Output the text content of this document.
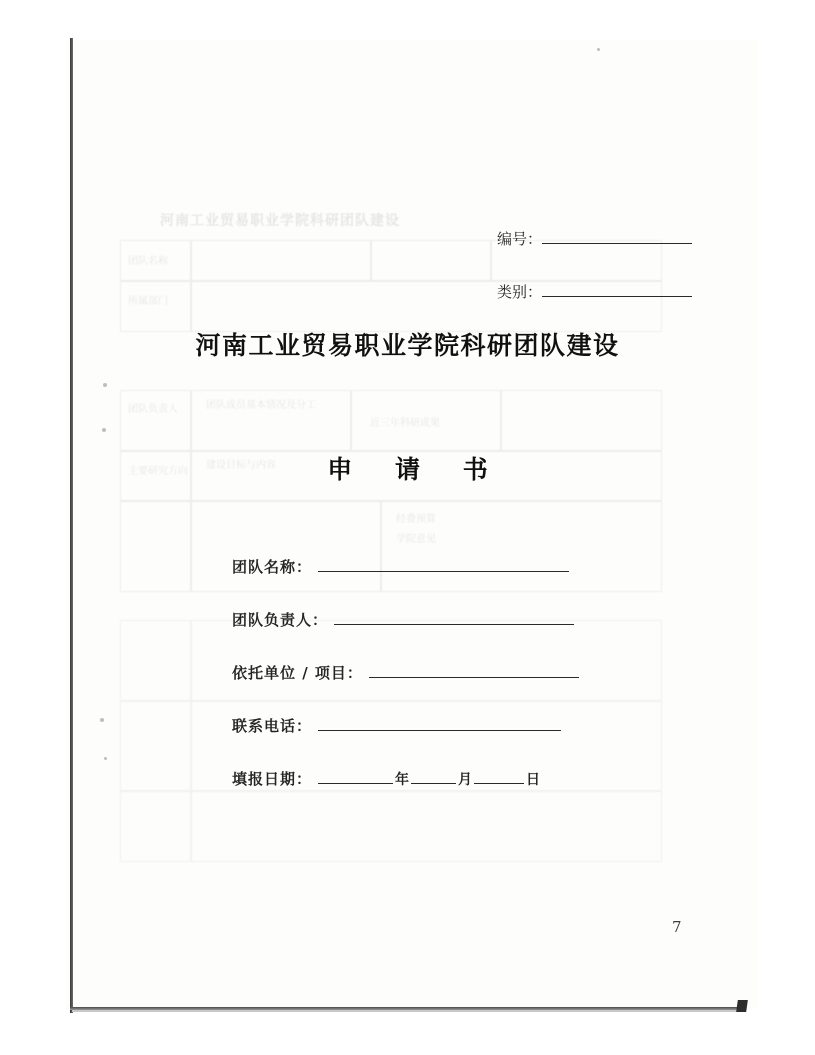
河南工业贸易职业学院科研团队建设
团队成员基本情况及分工
近三年科研成果
建设目标与内容
经费预算
学院意见
团队名称
所属部门
团队负责人
主要研究方向
编号：
类别：
河南工业贸易职业学院科研团队建设
申 请 书
团队名称：
团队负责人：
依托单位 / 项目：
联系电话：
填报日期：	年	月	日
7
